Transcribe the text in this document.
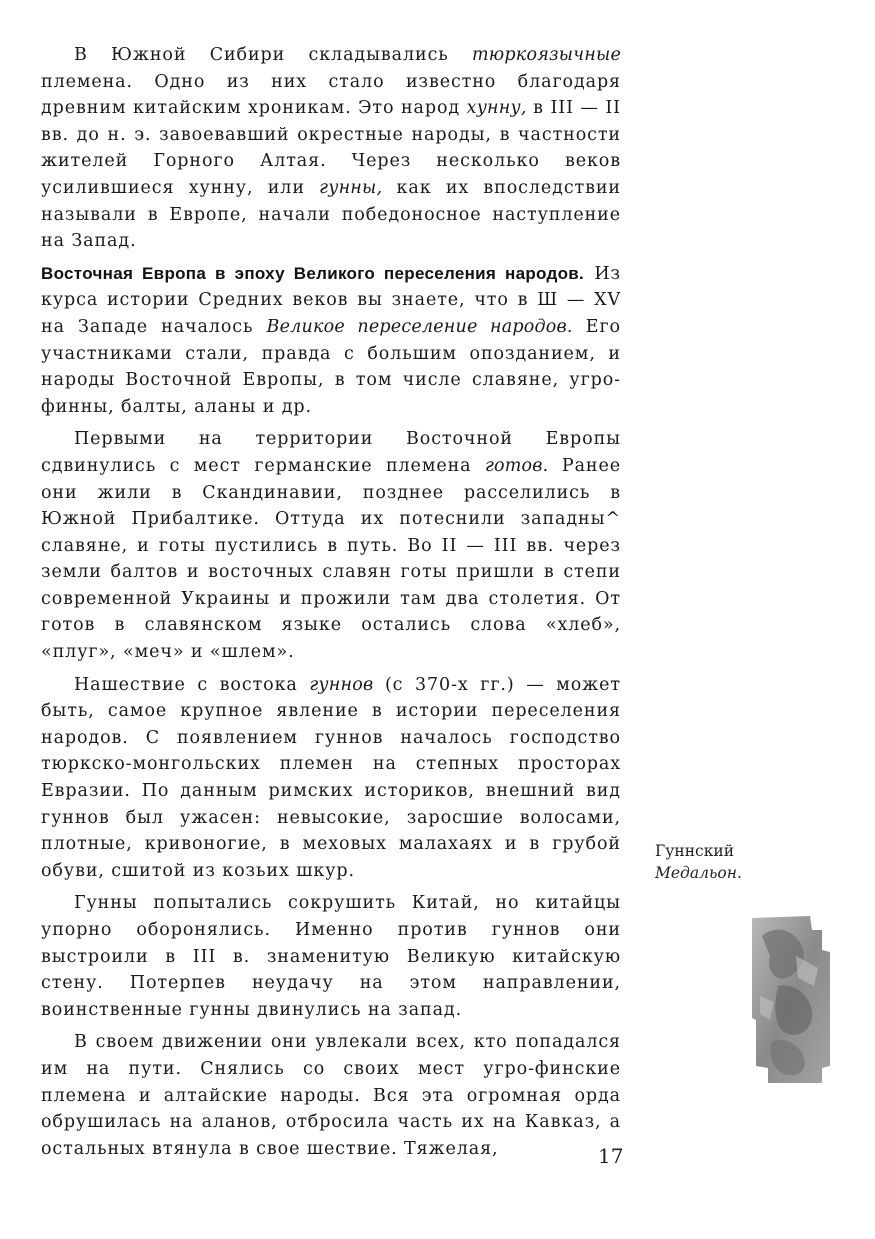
В Южной Сибири складывались тюркоязычные племена. Одно из них стало известно благодаря древним китайским хроникам. Это народ хунну, в III — II вв. до н. э. завоевавший окрестные народы, в частности жителей Горного Алтая. Через несколько веков усилившиеся хунну, или гунны, как их впоследствии называли в Европе, начали победоносное наступление на Запад.

Восточная Европа в эпоху Великого переселения народов. Из курса истории Средних веков вы знаете, что в Ш — XV на Западе началось Великое переселение народов. Его участниками стали, правда с большим опозданием, и народы Восточной Европы, в том числе славяне, угро-финны, балты, аланы и др.

Первыми на территории Восточной Европы сдвинулись с мест германские племена готов. Ранее они жили в Скандинавии, позднее расселились в Южной Прибалтике. Оттуда их потеснили западны^ славяне, и готы пустились в путь. Во II — III вв. через земли балтов и восточных славян готы пришли в степи современной Украины и прожили там два столетия. От готов в славянском языке остались слова «хлеб», «плуг», «меч» и «шлем».

Нашествие с востока гуннов (с 370-х гг.) — может быть, самое крупное явление в истории переселения народов. С появлением гуннов началось господство тюркско-монгольских племен на степных просторах Евразии. По данным римских историков, внешний вид гуннов был ужасен: невысокие, заросшие волосами, плотные, кривоногие, в меховых малахаях и в грубой обуви, сшитой из козьих шкур.

Гунны попытались сокрушить Китай, но китайцы упорно оборонялись. Именно против гуннов они выстроили в III в. знаменитую Великую китайскую стену. Потерпев неудачу на этом направлении, воинственные гунны двинулись на запад.

В своем движении они увлекали всех, кто попадался им на пути. Снялись со своих мест угро-финские племена и алтайские народы. Вся эта огромная орда обрушилась на аланов, отбросила часть их на Кавказ, а остальных втянула в свое шествие. Тяжелая,

Гуннский
Медальон.
17
